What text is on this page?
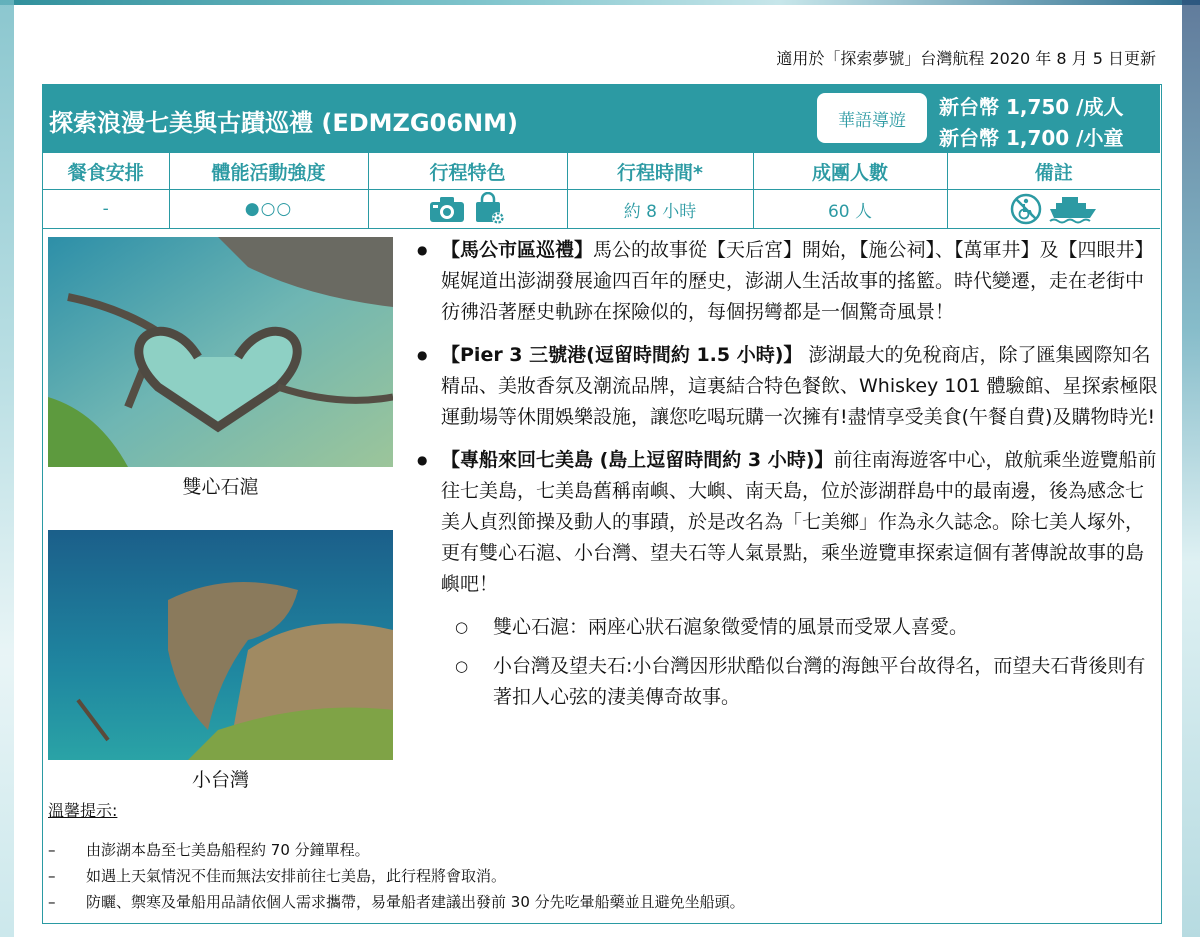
適用於「探索夢號」台灣航程 2020 年 8 月 5 日更新
探索浪漫七美與古蹟巡禮 (EDMZG06NM)	華語導遊
新台幣 1,750 /成人
新台幣 1,700 /小童
餐食安排	體能活動強度	行程特色	行程時間*	成團人數	備註
-	●○○		約 8 小時	60 人	
雙心石滬
小台灣
● 【馬公市區巡禮】馬公的故事從【天后宮】開始，【施公祠】、【萬軍井】及【四眼井】娓娓道出澎湖發展逾四百年的歷史，澎湖人生活故事的搖籃。時代變遷，走在老街中彷彿沿著歷史軌跡在探險似的，每個拐彎都是一個驚奇風景！
● 【Pier 3 三號港(逗留時間約 1.5 小時)】 澎湖最大的免稅商店，除了匯集國際知名精品、美妝香氛及潮流品牌，這裏結合特色餐飲、Whiskey 101 體驗館、星探索極限運動場等休閒娛樂設施，讓您吃喝玩購一次擁有!盡情享受美食(午餐自費)及購物時光!
● 【專船來回七美島 (島上逗留時間約 3 小時)】前往南海遊客中心，啟航乘坐遊覽船前往七美島，七美島舊稱南嶼、大嶼、南天島，位於澎湖群島中的最南邊，後為感念七美人貞烈節操及動人的事蹟，於是改名為「七美鄉」作為永久誌念。除七美人塚外，更有雙心石滬、小台灣、望夫石等人氣景點，乘坐遊覽車探索這個有著傳說故事的島嶼吧！
○ 雙心石滬：兩座心狀石滬象徵愛情的風景而受眾人喜愛。
○ 小台灣及望夫石:小台灣因形狀酷似台灣的海蝕平台故得名，而望夫石背後則有著扣人心弦的淒美傳奇故事。
溫馨提示:
– 由澎湖本島至七美島船程約 70 分鐘單程。
– 如遇上天氣情況不佳而無法安排前往七美島，此行程將會取消。
– 防曬、禦寒及暈船用品請依個人需求攜帶，易暈船者建議出發前 30 分先吃暈船藥並且避免坐船頭。
